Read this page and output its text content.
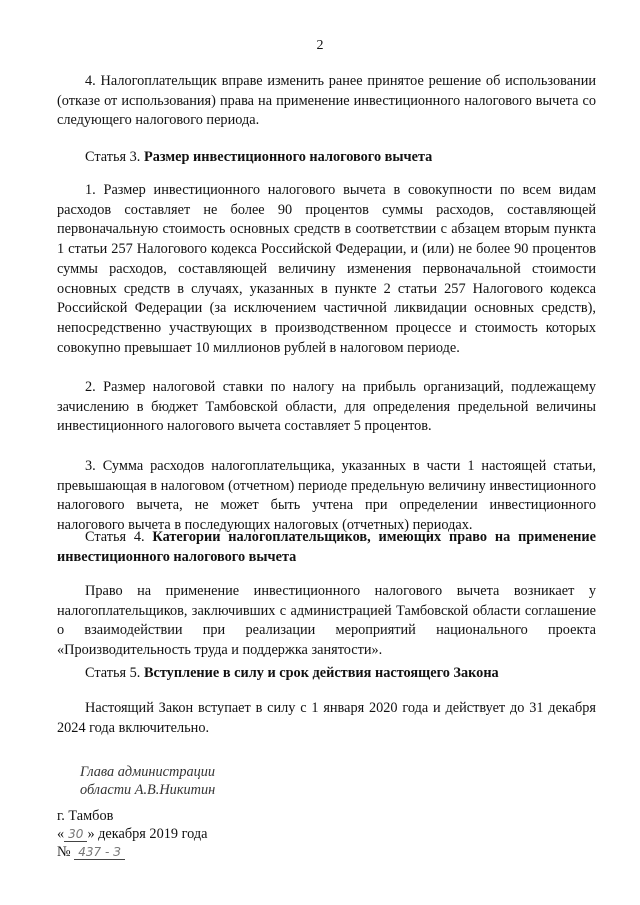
2

4. Налогоплательщик вправе изменить ранее принятое решение об использовании (отказе от использования) права на применение инвестиционного налогового вычета со следующего налогового периода.

Статья 3. Размер инвестиционного налогового вычета

1. Размер инвестиционного налогового вычета в совокупности по всем видам расходов составляет не более 90 процентов суммы расходов, составляющей первоначальную стоимость основных средств в соответствии с абзацем вторым пункта 1 статьи 257 Налогового кодекса Российской Федерации, и (или) не более 90 процентов суммы расходов, составляющей величину изменения первоначальной стоимости основных средств в случаях, указанных в пункте 2 статьи 257 Налогового кодекса Российской Федерации (за исключением частичной ликвидации основных средств), непосредственно участвующих в производственном процессе и стоимость которых совокупно превышает 10 миллионов рублей в налоговом периоде.

2. Размер налоговой ставки по налогу на прибыль организаций, подлежащему зачислению в бюджет Тамбовской области, для определения предельной величины инвестиционного налогового вычета составляет 5 процентов.

3. Сумма расходов налогоплательщика, указанных в части 1 настоящей статьи, превышающая в налоговом (отчетном) периоде предельную величину инвестиционного налогового вычета, не может быть учтена при определении инвестиционного налогового вычета в последующих налоговых (отчетных) периодах.

Статья 4. Категории налогоплательщиков, имеющих право на применение инвестиционного налогового вычета

Право на применение инвестиционного налогового вычета возникает у налогоплательщиков, заключивших с администрацией Тамбовской области соглашение о взаимодействии при реализации мероприятий национального проекта «Производительность труда и поддержка занятости».

Статья 5. Вступление в силу и срок действия настоящего Закона

Настоящий Закон вступает в силу с 1 января 2020 года и действует до 31 декабря 2024 года включительно.

Глава администрации
области А.В.Никитин
г. Тамбов
« 30 » декабря 2019 года
№ 437 - З
